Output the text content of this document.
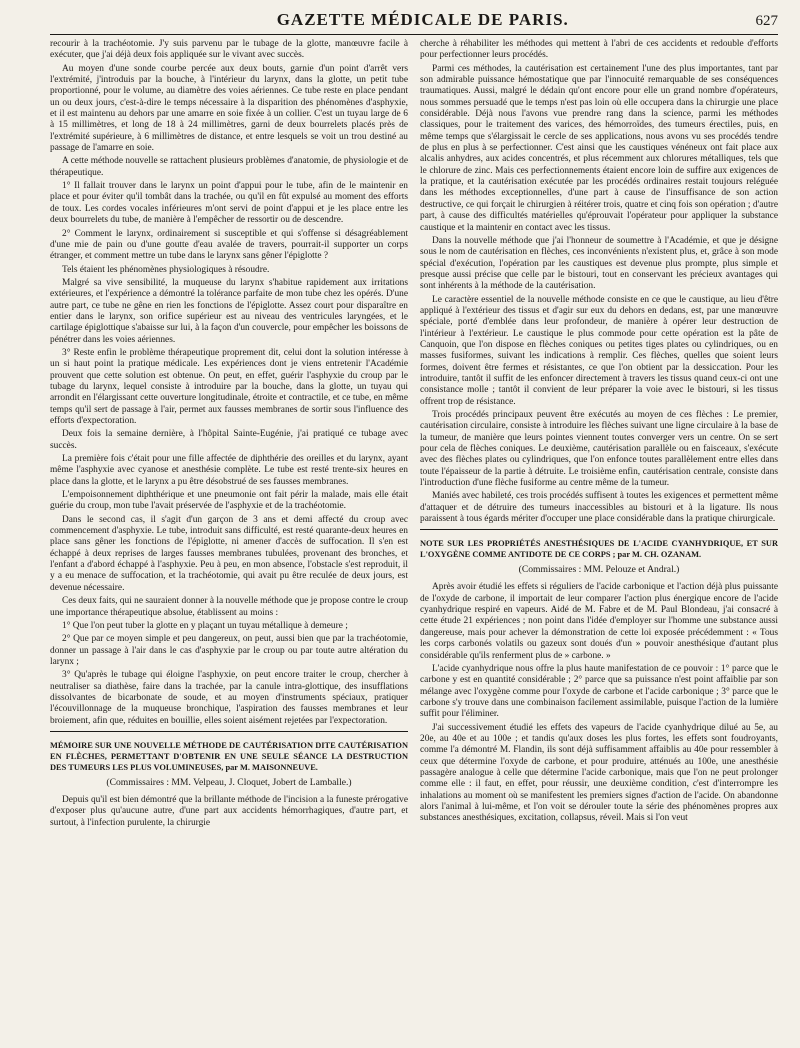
GAZETTE MÉDICALE DE PARIS.	627

recourir à la trachéotomie. J'y suis parvenu par le tubage de la glotte, manœuvre facile à exécuter, que j'ai déjà deux fois appliquée sur le vivant avec succès.

Au moyen d'une sonde courbe percée aux deux bouts, garnie d'un point d'arrêt vers l'extrémité, j'introduis par la bouche, à l'intérieur du larynx, dans la glotte, un petit tube proportionné, pour le volume, au diamètre des voies aériennes. Ce tube reste en place pendant un ou deux jours, c'est-à-dire le temps nécessaire à la disparition des phénomènes d'asphyxie, et il est maintenu au dehors par une amarre en soie fixée à un collier. C'est un tuyau large de 6 à 15 millimètres, et long de 18 à 24 millimètres, garni de deux bourrelets placés près de l'extrémité supérieure, à 6 millimètres de distance, et entre lesquels se voit un trou destiné au passage de l'amarre en soie.

A cette méthode nouvelle se rattachent plusieurs problèmes d'anatomie, de physiologie et de thérapeutique.

1° Il fallait trouver dans le larynx un point d'appui pour le tube, afin de le maintenir en place et pour éviter qu'il tombât dans la trachée, ou qu'il en fût expulsé au moment des efforts de toux. Les cordes vocales inférieures m'ont servi de point d'appui et je les place entre les deux bourrelets du tube, de manière à l'empêcher de ressortir ou de descendre.

2° Comment le larynx, ordinairement si susceptible et qui s'offense si désagréablement d'une mie de pain ou d'une goutte d'eau avalée de travers, pourrait-il supporter un corps étranger, et comment mettre un tube dans le larynx sans gêner l'épiglotte ?

Tels étaient les phénomènes physiologiques à résoudre.

Malgré sa vive sensibilité, la muqueuse du larynx s'habitue rapidement aux irritations extérieures, et l'expérience a démontré la tolérance parfaite de mon tube chez les opérés. D'une autre part, ce tube ne gêne en rien les fonctions de l'épiglotte. Assez court pour disparaître en entier dans le larynx, son orifice supérieur est au niveau des ventricules laryngées, et le cartilage épiglottique s'abaisse sur lui, à la façon d'un couvercle, pour empêcher les boissons de pénétrer dans les voies aériennes.

3° Reste enfin le problème thérapeutique proprement dit, celui dont la solution intéresse à un si haut point la pratique médicale. Les expériences dont je viens entretenir l'Académie prouvent que cette solution est obtenue. On peut, en effet, guérir l'asphyxie du croup par le tubage du larynx, lequel consiste à introduire par la bouche, dans la glotte, un tuyau qui arrondit en l'élargissant cette ouverture longitudinale, étroite et contractile, et ce tube, en même temps qu'il sert de passage à l'air, permet aux fausses membranes de sortir sous l'influence des efforts d'expectoration.

Deux fois la semaine dernière, à l'hôpital Sainte-Eugénie, j'ai pratiqué ce tubage avec succès.

La première fois c'était pour une fille affectée de diphthérie des oreilles et du larynx, ayant même l'asphyxie avec cyanose et anesthésie complète. Le tube est resté trente-six heures en place dans la glotte, et le larynx a pu être désobstrué de ses fausses membranes.

L'empoisonnement diphthérique et une pneumonie ont fait périr la malade, mais elle était guérie du croup, mon tube l'avait préservée de l'asphyxie et de la trachéotomie.

Dans le second cas, il s'agit d'un garçon de 3 ans et demi affecté du croup avec commencement d'asphyxie. Le tube, introduit sans difficulté, est resté quarante-deux heures en place sans gêner les fonctions de l'épiglotte, ni amener d'accès de suffocation. Il s'en est échappé à deux reprises de larges fausses membranes tubulées, provenant des bronches, et l'enfant a d'abord échappé à l'asphyxie. Peu à peu, en mon absence, l'obstacle s'est reproduit, il y a eu menace de suffocation, et la trachéotomie, qui avait pu être reculée de deux jours, est devenue nécessaire.

Ces deux faits, qui ne sauraient donner à la nouvelle méthode que je propose contre le croup une importance thérapeutique absolue, établissent au moins :

1° Que l'on peut tuber la glotte en y plaçant un tuyau métallique à demeure ;

2° Que par ce moyen simple et peu dangereux, on peut, aussi bien que par la trachéotomie, donner un passage à l'air dans le cas d'asphyxie par le croup ou par toute autre altération du larynx ;

3° Qu'après le tubage qui éloigne l'asphyxie, on peut encore traiter le croup, chercher à neutraliser sa diathèse, faire dans la trachée, par la canule intra-glottique, des insufflations dissolvantes de bicarbonate de soude, et au moyen d'instruments spéciaux, pratiquer l'écouvillonnage de la muqueuse bronchique, l'aspiration des fausses membranes et leur broiement, afin que, réduites en bouillie, elles soient aisément rejetées par l'expectoration.

MÉMOIRE SUR UNE NOUVELLE MÉTHODE DE CAUTÉRISATION DITE CAUTÉRISATION EN FLÈCHES, PERMETTANT D'OBTENIR EN UNE SEULE SÉANCE LA DESTRUCTION DES TUMEURS LES PLUS VOLUMINEUSES, par M. MAISONNEUVE.
(Commissaires : MM. Velpeau, J. Cloquet, Jobert de Lamballe.)

Depuis qu'il est bien démontré que la brillante méthode de l'incision a la funeste prérogative d'exposer plus qu'aucune autre, d'une part aux accidents hémorrhagiques, d'autre part, et surtout, à l'infection purulente, la chirurgie

cherche à réhabiliter les méthodes qui mettent à l'abri de ces accidents et redouble d'efforts pour perfectionner leurs procédés.

Parmi ces méthodes, la cautérisation est certainement l'une des plus importantes, tant par son admirable puissance hémostatique que par l'innocuité remarquable de ses conséquences traumatiques. Aussi, malgré le dédain qu'ont encore pour elle un grand nombre d'opérateurs, nous sommes persuadé que le temps n'est pas loin où elle occupera dans la chirurgie une place considérable. Déjà nous l'avons vue prendre rang dans la science, parmi les méthodes classiques, pour le traitement des varices, des hémorroïdes, des tumeurs érectiles, puis, en même temps que s'élargissait le cercle de ses applications, nous avons vu ses procédés tendre de plus en plus à se perfectionner. C'est ainsi que les caustiques vénéneux ont fait place aux alcalis anhydres, aux acides concentrés, et plus récemment aux chlorures métalliques, tels que le chlorure de zinc. Mais ces perfectionnements étaient encore loin de suffire aux exigences de la pratique, et la cautérisation exécutée par les procédés ordinaires restait toujours reléguée dans les méthodes exceptionnelles, d'une part à cause de l'insuffisance de son action destructive, ce qui forçait le chirurgien à réitérer trois, quatre et cinq fois son opération ; d'autre part, à cause des difficultés matérielles qu'éprouvait l'opérateur pour appliquer la substance caustique et la maintenir en contact avec les tissus.

Dans la nouvelle méthode que j'ai l'honneur de soumettre à l'Académie, et que je désigne sous le nom de cautérisation en flèches, ces inconvénients n'existent plus, et, grâce à son mode spécial d'exécution, l'opération par les caustiques est devenue plus prompte, plus simple et presque aussi précise que celle par le bistouri, tout en conservant les précieux avantages qui sont inhérents à la méthode de la cautérisation.

Le caractère essentiel de la nouvelle méthode consiste en ce que le caustique, au lieu d'être appliqué à l'extérieur des tissus et d'agir sur eux du dehors en dedans, est, par une manœuvre spéciale, porté d'emblée dans leur profondeur, de manière à opérer leur destruction de l'intérieur à l'extérieur. Le caustique le plus commode pour cette opération est la pâte de Canquoin, que l'on dispose en flèches coniques ou petites tiges plates ou cylindriques, ou en masses fusiformes, suivant les indications à remplir. Ces flèches, quelles que soient leurs formes, doivent être fermes et résistantes, ce que l'on obtient par la dessiccation. Pour les introduire, tantôt il suffit de les enfoncer directement à travers les tissus quand ceux-ci ont une consistance molle ; tantôt il convient de leur préparer la voie avec le bistouri, si les tissus offrent trop de résistance.

Trois procédés principaux peuvent être exécutés au moyen de ces flèches : Le premier, cautérisation circulaire, consiste à introduire les flèches suivant une ligne circulaire à la base de la tumeur, de manière que leurs pointes viennent toutes converger vers un centre. On se sert pour cela de flèches coniques. Le deuxième, cautérisation parallèle ou en faisceaux, s'exécute avec des flèches plates ou cylindriques, que l'on enfonce toutes parallèlement entre elles dans toute l'épaisseur de la partie à détruite. Le troisième enfin, cautérisation centrale, consiste dans l'introduction d'une flèche fusiforme au centre même de la tumeur.

Maniés avec habileté, ces trois procédés suffisent à toutes les exigences et permettent même d'attaquer et de détruire des tumeurs inaccessibles au bistouri et à la ligature. Ils nous paraissent à tous égards mériter d'occuper une place considérable dans la pratique chirurgicale.

NOTE SUR LES PROPRIÉTÉS ANESTHÉSIQUES DE L'ACIDE CYANHYDRIQUE, ET SUR L'OXYGÈNE COMME ANTIDOTE DE CE CORPS ; par M. CH. OZANAM.
(Commissaires : MM. Pelouze et Andral.)

Après avoir étudié les effets si réguliers de l'acide carbonique et l'action déjà plus puissante de l'oxyde de carbone, il importait de leur comparer l'action plus énergique encore de l'acide cyanhydrique respiré en vapeurs. Aidé de M. Fabre et de M. Paul Blondeau, j'ai consacré à cette étude 21 expériences ; non point dans l'idée d'employer sur l'homme une substance aussi dangereuse, mais pour achever la démonstration de cette loi exposée précédemment : « Tous les corps carbonés volatils ou gazeux sont doués d'un » pouvoir anesthésique d'autant plus considérable qu'ils renferment plus de » carbone. »

L'acide cyanhydrique nous offre la plus haute manifestation de ce pouvoir : 1° parce que le carbone y est en quantité considérable ; 2° parce que sa puissance n'est point affaiblie par son mélange avec l'oxygène comme pour l'oxyde de carbone et l'acide carbonique ; 3° parce que le carbone s'y trouve dans une combinaison facilement assimilable, puisque l'action de la lumière suffit pour l'éliminer.

J'ai successivement étudié les effets des vapeurs de l'acide cyanhydrique dilué au 5e, au 20e, au 40e et au 100e ; et tandis qu'aux doses les plus fortes, les effets sont foudroyants, comme l'a démontré M. Flandin, ils sont déjà suffisamment affaiblis au 40e pour ressembler à ceux que détermine l'oxyde de carbone, et pour produire, atténués au 100e, une anesthésie passagère analogue à celle que détermine l'acide carbonique, mais que l'on ne peut prolonger comme elle : il faut, en effet, pour réussir, une deuxième condition, c'est d'interrompre les inhalations au moment où se manifestent les premiers signes d'action de l'acide. On abandonne alors l'animal à lui-même, et l'on voit se dérouler toute la série des phénomènes propres aux substances anesthésiques, excitation, collapsus, réveil. Mais si l'on veut
